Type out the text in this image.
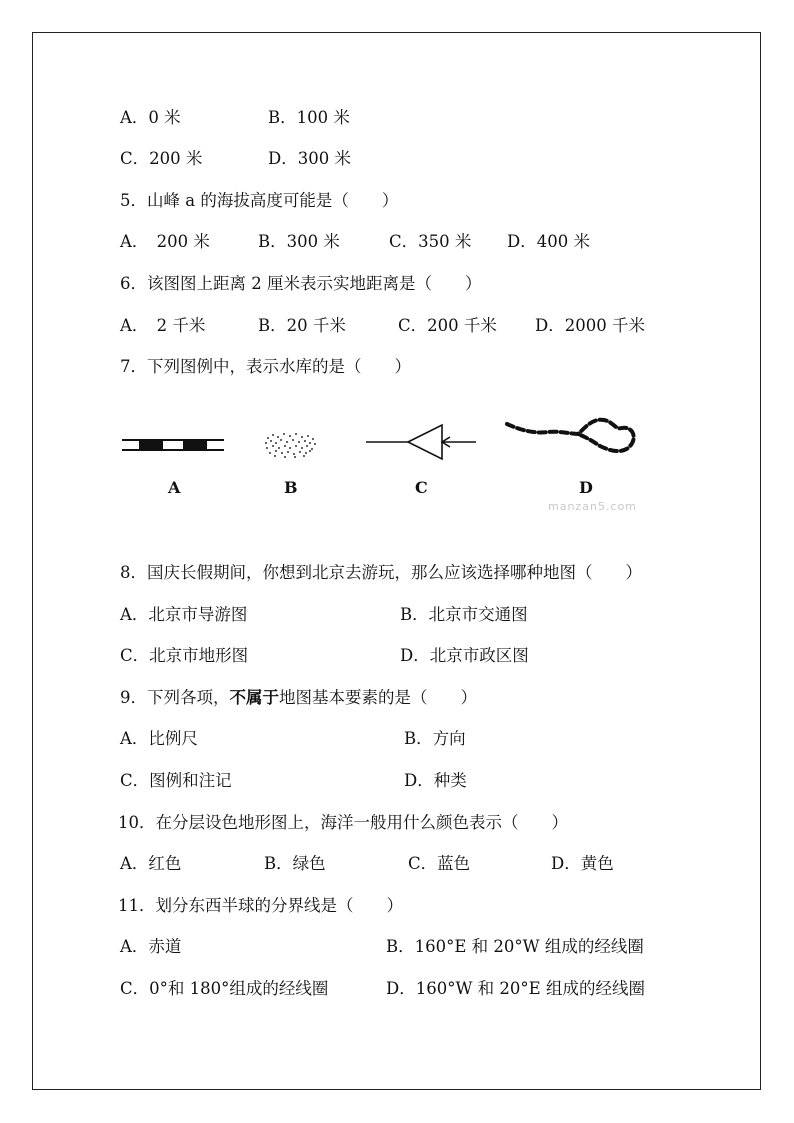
A．0 米	B．100 米
C．200 米	D．300 米
5．山峰 a 的海拔高度可能是（　　）
A．　200 米	B．300 米	C．350 米 D．400 米
6．该图图上距离 2 厘米表示实地距离是（　　）
A．　2 千米	B．20 千米	C．200 千米 D．2000 千米
7．下列图例中，表示水库的是（　　）
A	B	C	D
manzan5.com
8．国庆长假期间，你想到北京去游玩，那么应该选择哪种地图（　　）
A．北京市导游图	B．北京市交通图
C．北京市地形图	D．北京市政区图
9．下列各项，不属于地图基本要素的是（　　）
A．比例尺	B．方向
C．图例和注记	D．种类
10．在分层设色地形图上，海洋一般用什么颜色表示（　　）
A．红色	B．绿色	C．蓝色	D．黄色
11．划分东西半球的分界线是（　　）
A．赤道	B．160°E 和 20°W 组成的经线圈
C．0°和 180°组成的经线圈	D．160°W 和 20°E 组成的经线圈
